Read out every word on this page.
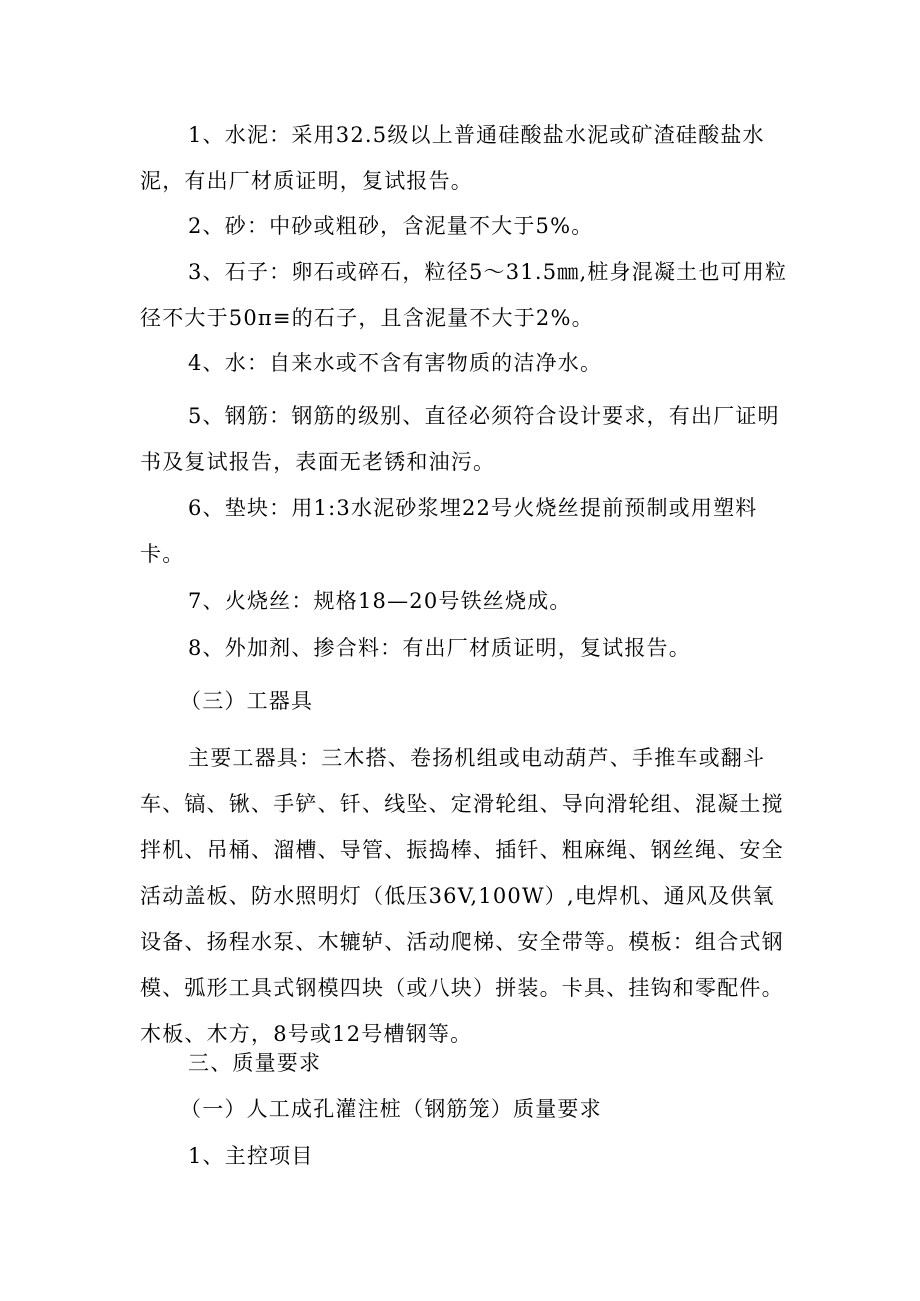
1、水泥：采用32.5级以上普通硅酸盐水泥或矿渣硅酸盐水泥，有出厂材质证明，复试报告。

2、砂：中砂或粗砂，含泥量不大于5%。

3、石子：卵石或碎石，粒径5～31.5㎜,桩身混凝土也可用粒径不大于50π≡的石子，且含泥量不大于2%。

4、水：自来水或不含有害物质的洁净水。

5、钢筋：钢筋的级别、直径必须符合设计要求，有出厂证明书及复试报告，表面无老锈和油污。

6、垫块：用1:3水泥砂浆埋22号火烧丝提前预制或用塑料卡。

7、火烧丝：规格18—20号铁丝烧成。

8、外加剂、掺合料：有出厂材质证明，复试报告。

（三）工器具

主要工器具：三木搭、卷扬机组或电动葫芦、手推车或翻斗车、镐、锹、手铲、钎、线坠、定滑轮组、导向滑轮组、混凝土搅拌机、吊桶、溜槽、导管、振捣棒、插钎、粗麻绳、钢丝绳、安全活动盖板、防水照明灯（低压36V,100W）,电焊机、通风及供氧设备、扬程水泵、木辘轳、活动爬梯、安全带等。模板：组合式钢模、弧形工具式钢模四块（或八块）拼装。卡具、挂钩和零配件。木板、木方，8号或12号槽钢等。

三、质量要求

（一）人工成孔灌注桩（钢筋笼）质量要求

1、主控项目
